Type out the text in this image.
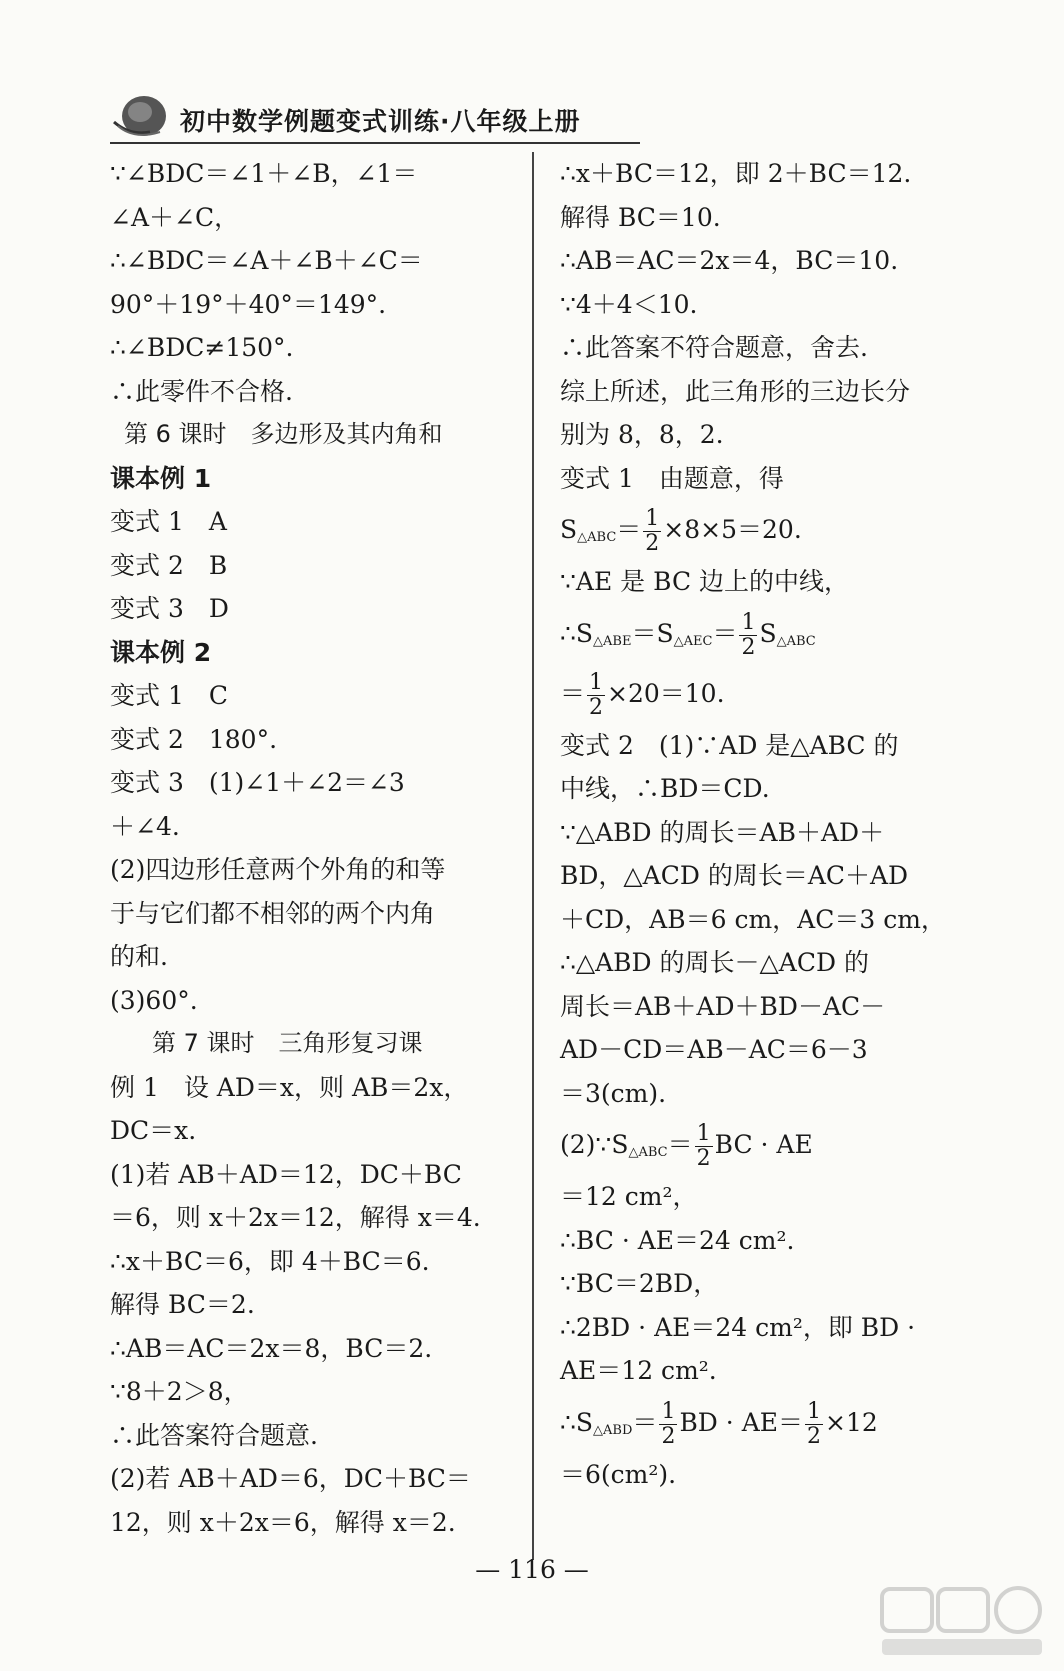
初中数学例题变式训练·八年级上册
∵∠BDC＝∠1＋∠B，∠1＝
∠A＋∠C，
∴∠BDC＝∠A＋∠B＋∠C＝
90°＋19°＋40°＝149°.
∴∠BDC≠150°.
∴此零件不合格.
第 6 课时　多边形及其内角和
课本例 1
变式 1　A
变式 2　B
变式 3　D
课本例 2
变式 1　C
变式 2　180°.
变式 3　(1)∠1＋∠2＝∠3
＋∠4.
(2)四边形任意两个外角的和等
于与它们都不相邻的两个内角
的和.
(3)60°.
第 7 课时　三角形复习课
例 1　设 AD＝x，则 AB＝2x，
DC＝x.
(1)若 AB＋AD＝12，DC＋BC
＝6，则 x＋2x＝12，解得 x＝4.
∴x＋BC＝6，即 4＋BC＝6.
解得 BC＝2.
∴AB＝AC＝2x＝8，BC＝2.
∵8＋2＞8，
∴此答案符合题意.
(2)若 AB＋AD＝6，DC＋BC＝
12，则 x＋2x＝6，解得 x＝2.
∴x＋BC＝12，即 2＋BC＝12.
解得 BC＝10.
∴AB＝AC＝2x＝4，BC＝10.
∵4＋4＜10.
∴此答案不符合题意，舍去.
综上所述，此三角形的三边长分
别为 8，8，2.
变式 1　由题意，得
$S_{\triangle ABC}= \frac{1}{2} \times 8\times 5=20$.
∵AE 是 BC 边上的中线，
$\therefore S_{\triangle ABE}=S_{\triangle AEC}= \frac{1}{2} S_{\triangle ABC}$
＝ $\frac{1}{2} \times 20=10$.
变式 2　(1)∵AD 是△ABC 的
中线，∴BD＝CD.
∵△ABD 的周长＝AB＋AD＋
BD，△ACD 的周长＝AC＋AD
＋CD，AB＝6 cm，AC＝3 cm，
∴△ABD 的周长－△ACD 的
周长＝AB＋AD＋BD－AC－
AD－CD＝AB－AC＝6－3
＝3(cm).
$(2)\because S_{\triangle ABC}= \frac{1}{2}$ BC · AE
＝12 cm²，
∴BC · AE＝24 cm².
∵BC＝2BD，
∴2BD · AE＝24 cm²，即 BD ·
AE＝12 cm².
$\therefore S_{\triangle ABD}= \frac{1}{2}$ BD · $AE= \frac{1}{2} \times 12$
＝6(cm²).
— 116 —
